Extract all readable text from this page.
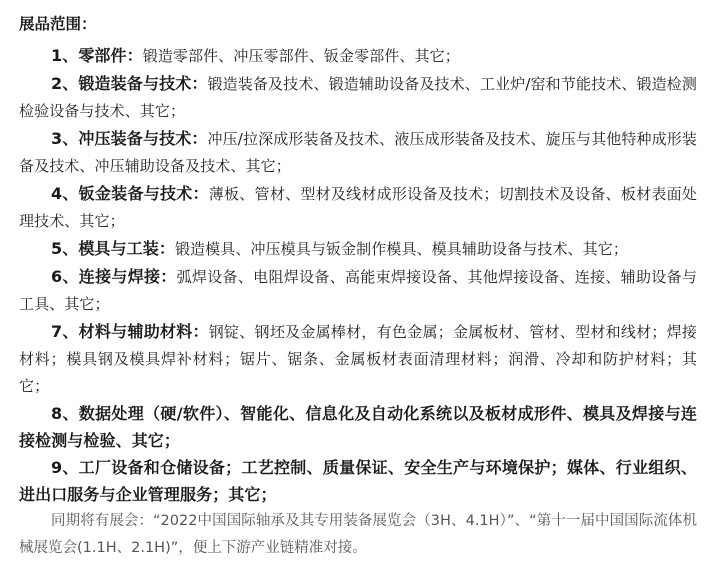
展品范围：

1、零部件：锻造零部件、冲压零部件、钣金零部件、其它；

2、锻造装备与技术：锻造装备及技术、锻造辅助设备及技术、工业炉/窑和节能技术、锻造检测检验设备与技术、其它；

3、冲压装备与技术：冲压/拉深成形装备及技术、液压成形装备及技术、旋压与其他特种成形装备及技术、冲压辅助设备及技术、其它；

4、钣金装备与技术：薄板、管材、型材及线材成形设备及技术；切割技术及设备、板材表面处理技术、其它；

5、模具与工装：锻造模具、冲压模具与钣金制作模具、模具辅助设备与技术、其它；

6、连接与焊接：弧焊设备、电阻焊设备、高能束焊接设备、其他焊接设备、连接、辅助设备与工具、其它；

7、材料与辅助材料：钢锭、钢坯及金属棒材，有色金属；金属板材、管材、型材和线材；焊接材料；模具钢及模具焊补材料；锯片、锯条、金属板材表面清理材料；润滑、冷却和防护材料；其它；

8、数据处理（硬/软件）、智能化、信息化及自动化系统以及板材成形件、模具及焊接与连接检测与检验、其它；

9、工厂设备和仓储设备；工艺控制、质量保证、安全生产与环境保护；媒体、行业组织、进出口服务与企业管理服务；其它；

同期将有展会：“2022中国国际轴承及其专用装备展览会（3H、4.1H）”、“第十一届中国国际流体机械展览会(1.1H、2.1H)”，便上下游产业链精准对接。
